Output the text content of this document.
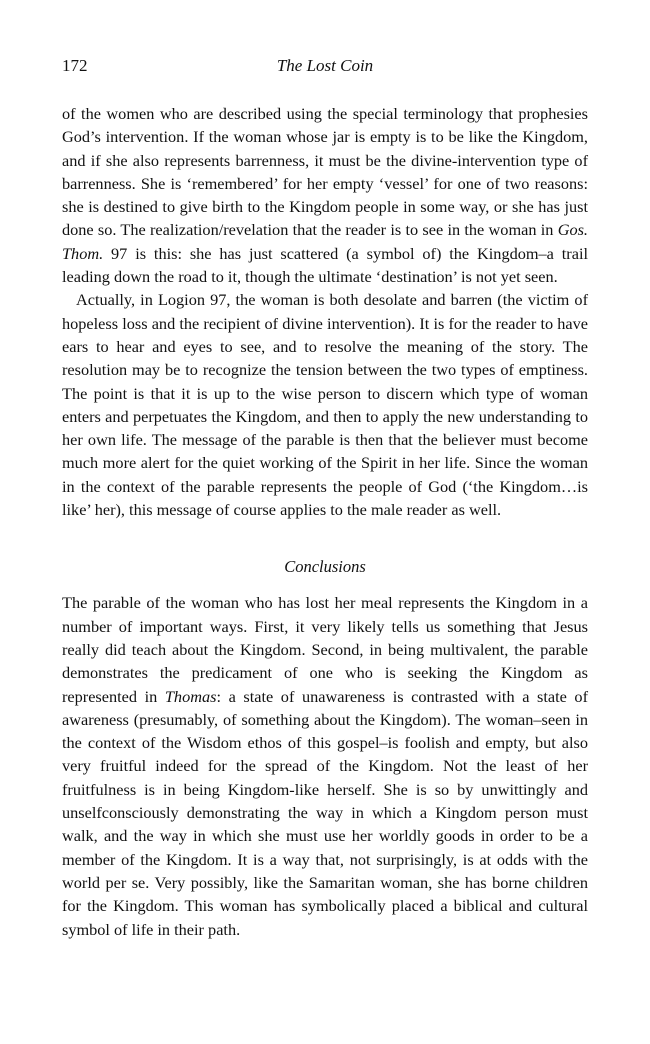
172	The Lost Coin

of the women who are described using the special terminology that prophesies God’s intervention. If the woman whose jar is empty is to be like the Kingdom, and if she also represents barrenness, it must be the divine-intervention type of barrenness. She is ‘remembered’ for her empty ‘vessel’ for one of two reasons: she is destined to give birth to the Kingdom people in some way, or she has just done so. The realization/revelation that the reader is to see in the woman in Gos. Thom. 97 is this: she has just scattered (a symbol of) the Kingdom–a trail leading down the road to it, though the ultimate ‘destination’ is not yet seen.

Actually, in Logion 97, the woman is both desolate and barren (the victim of hopeless loss and the recipient of divine intervention). It is for the reader to have ears to hear and eyes to see, and to resolve the meaning of the story. The resolution may be to recognize the tension between the two types of emptiness. The point is that it is up to the wise person to discern which type of woman enters and perpetuates the Kingdom, and then to apply the new understanding to her own life. The message of the parable is then that the believer must become much more alert for the quiet working of the Spirit in her life. Since the woman in the context of the parable represents the people of God (‘the Kingdom…is like’ her), this message of course applies to the male reader as well.

Conclusions

The parable of the woman who has lost her meal represents the Kingdom in a number of important ways. First, it very likely tells us something that Jesus really did teach about the Kingdom. Second, in being multivalent, the parable demonstrates the predicament of one who is seeking the Kingdom as represented in Thomas: a state of unawareness is contrasted with a state of awareness (presumably, of something about the Kingdom). The woman–seen in the context of the Wisdom ethos of this gospel–is foolish and empty, but also very fruitful indeed for the spread of the Kingdom. Not the least of her fruitfulness is in being Kingdom-like herself. She is so by unwittingly and unselfconsciously demonstrating the way in which a Kingdom person must walk, and the way in which she must use her worldly goods in order to be a member of the Kingdom. It is a way that, not surprisingly, is at odds with the world per se. Very possibly, like the Samaritan woman, she has borne children for the Kingdom. This woman has symbolically placed a biblical and cultural symbol of life in their path.
